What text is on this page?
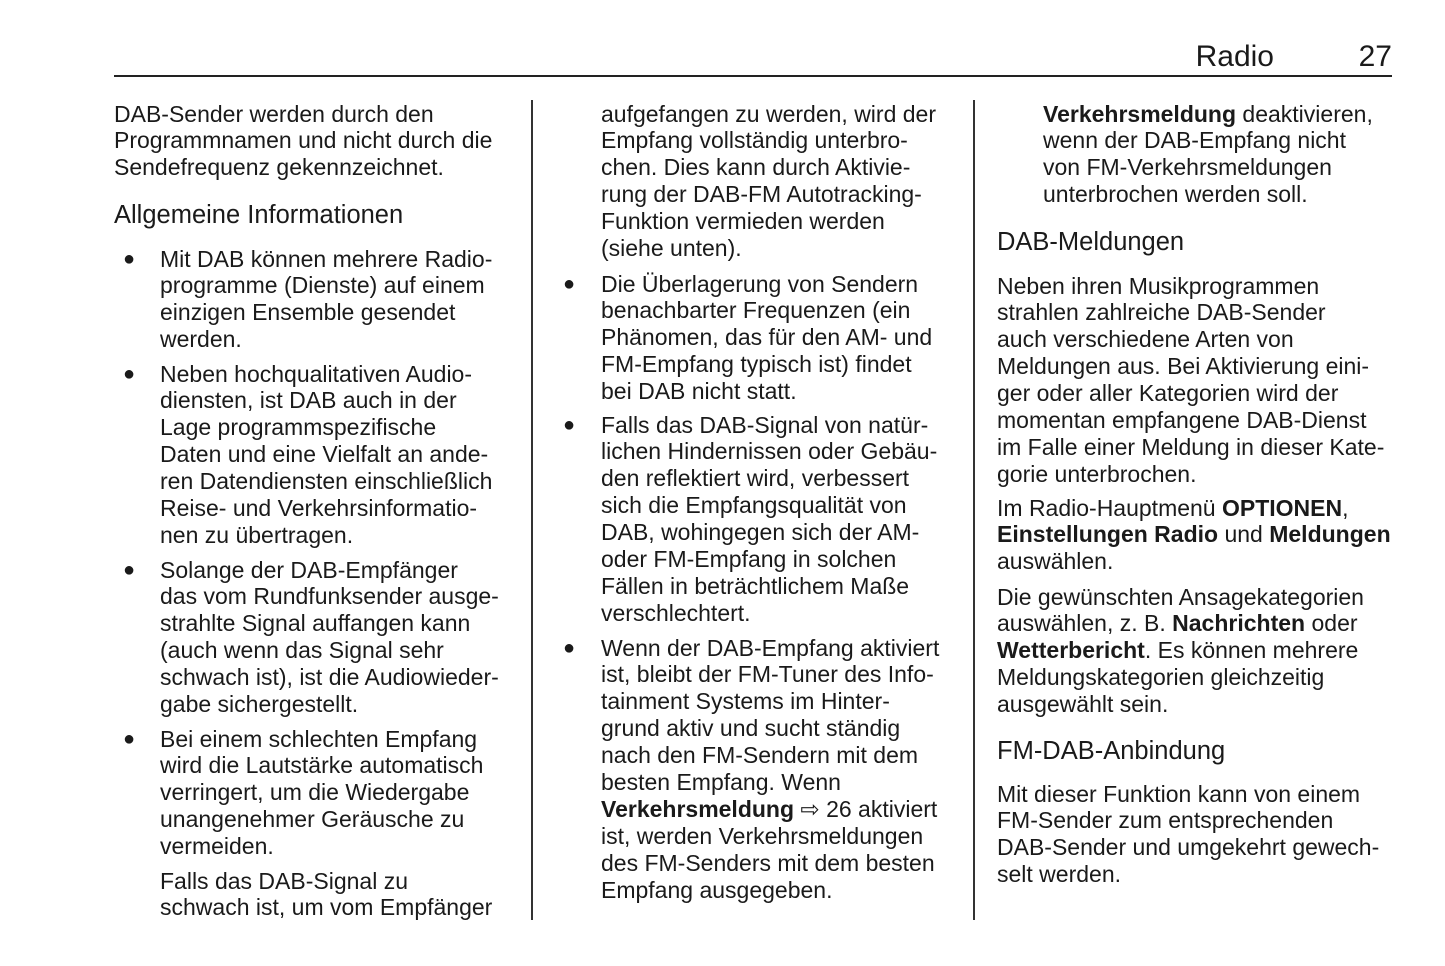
Radio	27
DAB-Sender werden durch den
Programmnamen und nicht durch die
Sendefrequenz gekennzeichnet.
Allgemeine Informationen
Mit DAB können mehrere Radio-
programme (Dienste) auf einem
einzigen Ensemble gesendet
werden.
●
Neben hochqualitativen Audio-
diensten, ist DAB auch in der
Lage programmspezifische
Daten und eine Vielfalt an ande-
ren Datendiensten einschließlich
Reise- und Verkehrsinformatio-
nen zu übertragen.
●
Solange der DAB-Empfänger
das vom Rundfunksender ausge-
strahlte Signal auffangen kann
(auch wenn das Signal sehr
schwach ist), ist die Audiowieder-
gabe sichergestellt.
●
Bei einem schlechten Empfang
wird die Lautstärke automatisch
verringert, um die Wiedergabe
unangenehmer Geräusche zu
vermeiden.
●
Falls das DAB-Signal zu
schwach ist, um vom Empfänger
aufgefangen zu werden, wird der
Empfang vollständig unterbro-
chen. Dies kann durch Aktivie-
rung der DAB-FM Autotracking-
Funktion vermieden werden
(siehe unten).
Die Überlagerung von Sendern
benachbarter Frequenzen (ein
Phänomen, das für den AM- und
FM-Empfang typisch ist) findet
bei DAB nicht statt.
●
Falls das DAB-Signal von natür-
lichen Hindernissen oder Gebäu-
den reflektiert wird, verbessert
sich die Empfangsqualität von
DAB, wohingegen sich der AM-
oder FM-Empfang in solchen
Fällen in beträchtlichem Maße
verschlechtert.
●
Wenn der DAB-Empfang aktiviert
ist, bleibt der FM-Tuner des Info-
tainment Systems im Hinter-
grund aktiv und sucht ständig
nach den FM-Sendern mit dem
besten Empfang. Wenn
Verkehrsmeldung ⇨ 26 aktiviert
ist, werden Verkehrsmeldungen
des FM-Senders mit dem besten
Empfang ausgegeben.
●
Verkehrsmeldung deaktivieren,
wenn der DAB-Empfang nicht
von FM-Verkehrsmeldungen
unterbrochen werden soll.
DAB-Meldungen
Neben ihren Musikprogrammen
strahlen zahlreiche DAB-Sender
auch verschiedene Arten von
Meldungen aus. Bei Aktivierung eini-
ger oder aller Kategorien wird der
momentan empfangene DAB-Dienst
im Falle einer Meldung in dieser Kate-
gorie unterbrochen.
Im Radio-Hauptmenü OPTIONEN,
Einstellungen Radio und Meldungen
auswählen.
Die gewünschten Ansagekategorien
auswählen, z. B. Nachrichten oder
Wetterbericht. Es können mehrere
Meldungskategorien gleichzeitig
ausgewählt sein.
FM-DAB-Anbindung
Mit dieser Funktion kann von einem
FM-Sender zum entsprechenden
DAB-Sender und umgekehrt gewech-
selt werden.
